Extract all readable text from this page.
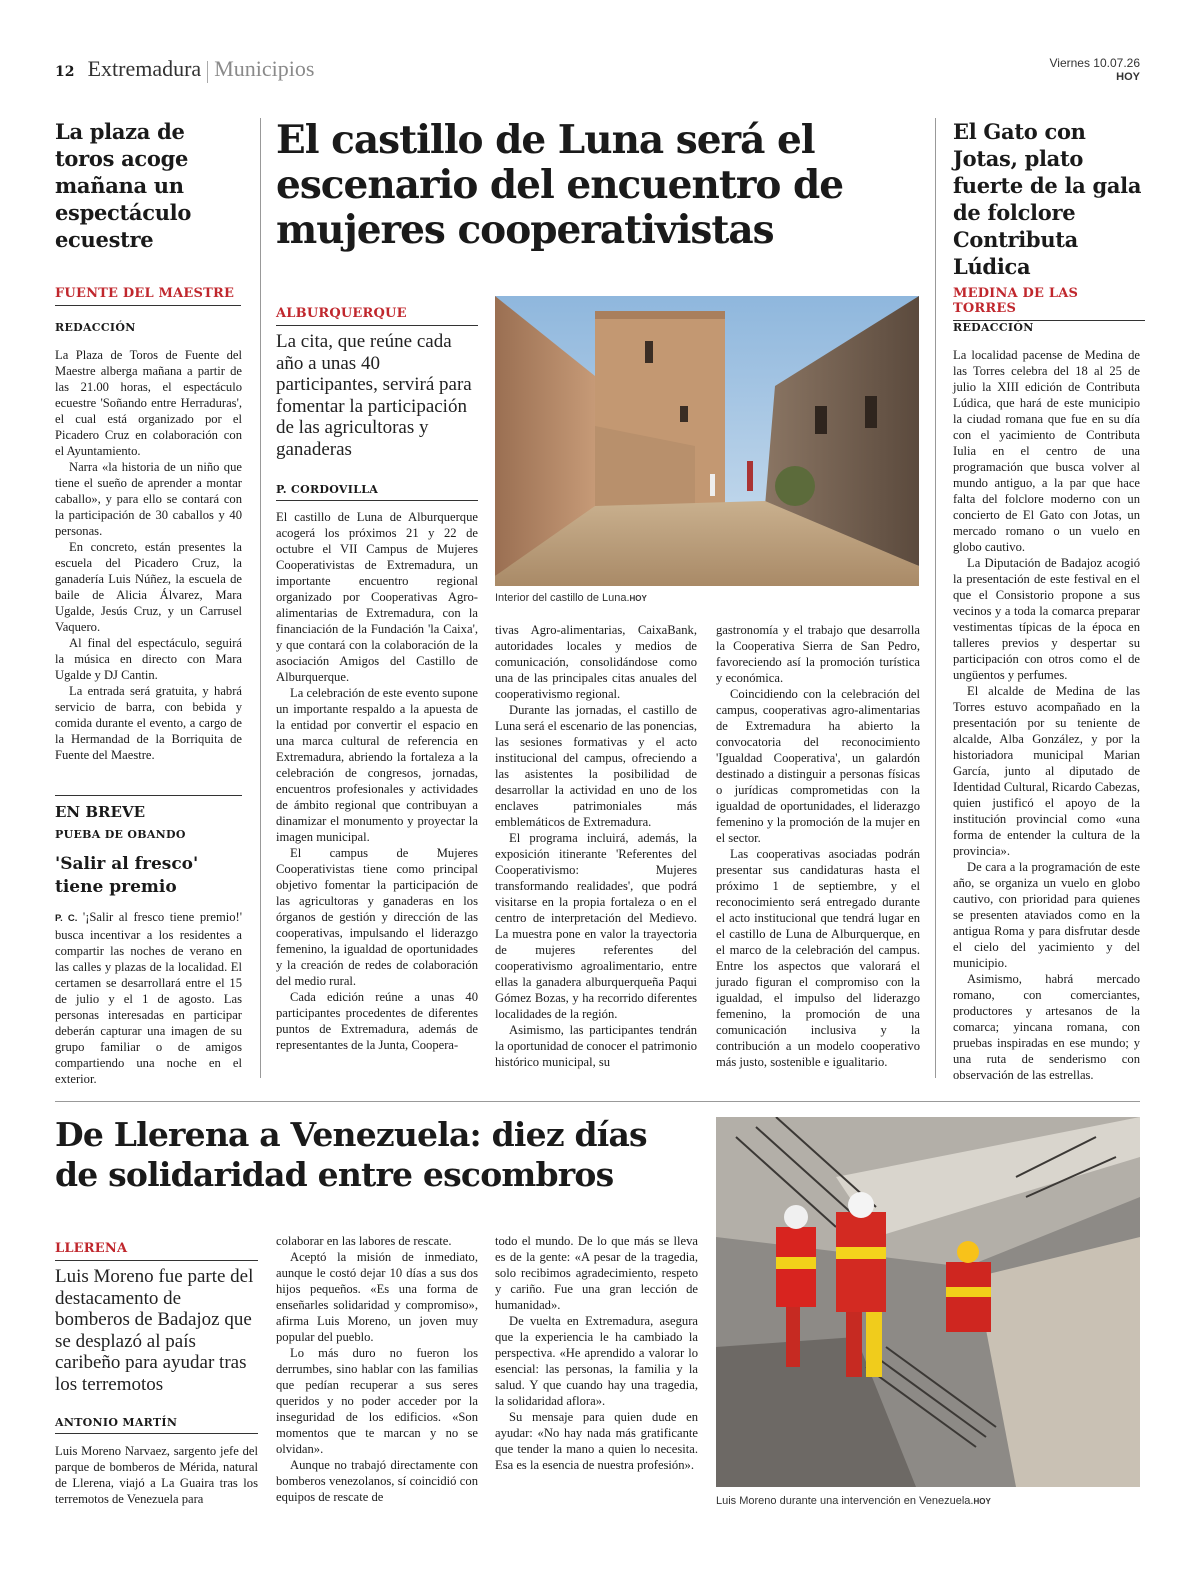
12 Extremadura Municipios	Viernes 10.07.26
HOY
La plaza de toros acoge mañana un espectáculo ecuestre
FUENTE DEL MAESTRE
REDACCIÓN

La Plaza de Toros de Fuente del Maestre alberga mañana a partir de las 21.00 horas, el espectáculo ecuestre 'Soñando entre Herraduras', el cual está organizado por el Picadero Cruz en colaboración con el Ayuntamiento.

Narra «la historia de un niño que tiene el sueño de aprender a montar caballo», y para ello se contará con la participación de 30 caballos y 40 personas.

En concreto, están presentes la escuela del Picadero Cruz, la ganadería Luis Núñez, la escuela de baile de Alicia Álvarez, Mara Ugalde, Jesús Cruz, y un Carrusel Vaquero.

Al final del espectáculo, seguirá la música en directo con Mara Ugalde y DJ Cantin.

La entrada será gratuita, y habrá servicio de barra, con bebida y comida durante el evento, a cargo de la Hermandad de la Borriquita de Fuente del Maestre.

EN BREVE
PUEBA DE OBANDO
'Salir al fresco' tiene premio

P. C. '¡Salir al fresco tiene premio!' busca incentivar a los residentes a compartir las noches de verano en las calles y plazas de la localidad. El certamen se desarrollará entre el 15 de julio y el 1 de agosto. Las personas interesadas en participar deberán capturar una imagen de su grupo familiar o de amigos compartiendo una noche en el exterior.

El castillo de Luna será el escenario del encuentro de mujeres cooperativistas
ALBURQUERQUE
La cita, que reúne cada año a unas 40 participantes, servirá para fomentar la participación de las agricultoras y ganaderas
P. CORDOVILLA
Interior del castillo de Luna.HOY

El castillo de Luna de Alburquerque acogerá los próximos 21 y 22 de octubre el VII Campus de Mujeres Cooperativistas de Extremadura, un importante encuentro regional organizado por Cooperativas Agro-alimentarias de Extremadura, con la financiación de la Fundación 'la Caixa', y que contará con la colaboración de la asociación Amigos del Castillo de Alburquerque.

La celebración de este evento supone un importante respaldo a la apuesta de la entidad por convertir el espacio en una marca cultural de referencia en Extremadura, abriendo la fortaleza a la celebración de congresos, jornadas, encuentros profesionales y actividades de ámbito regional que contribuyan a dinamizar el monumento y proyectar la imagen municipal.

El campus de Mujeres Cooperativistas tiene como principal objetivo fomentar la participación de las agricultoras y ganaderas en los órganos de gestión y dirección de las cooperativas, impulsando el liderazgo femenino, la igualdad de oportunidades y la creación de redes de colaboración del medio rural.

Cada edición reúne a unas 40 participantes procedentes de diferentes puntos de Extremadura, además de representantes de la Junta, Coopera-

tivas Agro-alimentarias, CaixaBank, autoridades locales y medios de comunicación, consolidándose como una de las principales citas anuales del cooperativismo regional.

Durante las jornadas, el castillo de Luna será el escenario de las ponencias, las sesiones formativas y el acto institucional del campus, ofreciendo a las asistentes la posibilidad de desarrollar la actividad en uno de los enclaves patrimoniales más emblemáticos de Extremadura.

El programa incluirá, además, la exposición itinerante 'Referentes del Cooperativismo: Mujeres transformando realidades', que podrá visitarse en la propia fortaleza o en el centro de interpretación del Medievo. La muestra pone en valor la trayectoria de mujeres referentes del cooperativismo agroalimentario, entre ellas la ganadera alburquerqueña Paqui Gómez Bozas, y ha recorrido diferentes localidades de la región.

Asimismo, las participantes tendrán la oportunidad de conocer el patrimonio histórico municipal, su

gastronomía y el trabajo que desarrolla la Cooperativa Sierra de San Pedro, favoreciendo así la promoción turística y económica.

Coincidiendo con la celebración del campus, cooperativas agro-alimentarias de Extremadura ha abierto la convocatoria del reconocimiento 'Igualdad Cooperativa', un galardón destinado a distinguir a personas físicas o jurídicas comprometidas con la igualdad de oportunidades, el liderazgo femenino y la promoción de la mujer en el sector.

Las cooperativas asociadas podrán presentar sus candidaturas hasta el próximo 1 de septiembre, y el reconocimiento será entregado durante el acto institucional que tendrá lugar en el castillo de Luna de Alburquerque, en el marco de la celebración del campus. Entre los aspectos que valorará el jurado figuran el compromiso con la igualdad, el impulso del liderazgo femenino, la promoción de una comunicación inclusiva y la contribución a un modelo cooperativo más justo, sostenible e igualitario.

El Gato con Jotas, plato fuerte de la gala de folclore Contributa Lúdica
MEDINA DE LAS TORRES
REDACCIÓN

La localidad pacense de Medina de las Torres celebra del 18 al 25 de julio la XIII edición de Contributa Lúdica, que hará de este municipio la ciudad romana que fue en su día con el yacimiento de Contributa Iulia en el centro de una programación que busca volver al mundo antiguo, a la par que hace falta del folclore moderno con un concierto de El Gato con Jotas, un mercado romano o un vuelo en globo cautivo.

La Diputación de Badajoz acogió la presentación de este festival en el que el Consistorio propone a sus vecinos y a toda la comarca preparar vestimentas típicas de la época en talleres previos y despertar su participación con otros como el de ungüentos y perfumes.

El alcalde de Medina de las Torres estuvo acompañado en la presentación por su teniente de alcalde, Alba González, y por la historiadora municipal Marian García, junto al diputado de Identidad Cultural, Ricardo Cabezas, quien justificó el apoyo de la institución provincial como «una forma de entender la cultura de la provincia».

De cara a la programación de este año, se organiza un vuelo en globo cautivo, con prioridad para quienes se presenten ataviados como en la antigua Roma y para disfrutar desde el cielo del yacimiento y del municipio.

Asimismo, habrá mercado romano, con comerciantes, productores y artesanos de la comarca; yincana romana, con pruebas inspiradas en ese mundo; y una ruta de senderismo con observación de las estrellas.

De Llerena a Venezuela: diez días de solidaridad entre escombros
LLERENA
Luis Moreno fue parte del destacamento de bomberos de Badajoz que se desplazó al país caribeño para ayudar tras los terremotos
ANTONIO MARTÍN

Luis Moreno Narvaez, sargento jefe del parque de bomberos de Mérida, natural de Llerena, viajó a La Guaira tras los terremotos de Venezuela para

colaborar en las labores de rescate.

Aceptó la misión de inmediato, aunque le costó dejar 10 días a sus dos hijos pequeños. «Es una forma de enseñarles solidaridad y compromiso», afirma Luis Moreno, un joven muy popular del pueblo.

Lo más duro no fueron los derrumbes, sino hablar con las familias que pedían recuperar a sus seres queridos y no poder acceder por la inseguridad de los edificios. «Son momentos que te marcan y no se olvidan».

Aunque no trabajó directamente con bomberos venezolanos, sí coincidió con equipos de rescate de

todo el mundo. De lo que más se lleva es de la gente: «A pesar de la tragedia, solo recibimos agradecimiento, respeto y cariño. Fue una gran lección de humanidad».

De vuelta en Extremadura, asegura que la experiencia le ha cambiado la perspectiva. «He aprendido a valorar lo esencial: las personas, la familia y la salud. Y que cuando hay una tragedia, la solidaridad aflora».

Su mensaje para quien dude en ayudar: «No hay nada más gratificante que tender la mano a quien lo necesita. Esa es la esencia de nuestra profesión».

Luis Moreno durante una intervención en Venezuela.HOY
